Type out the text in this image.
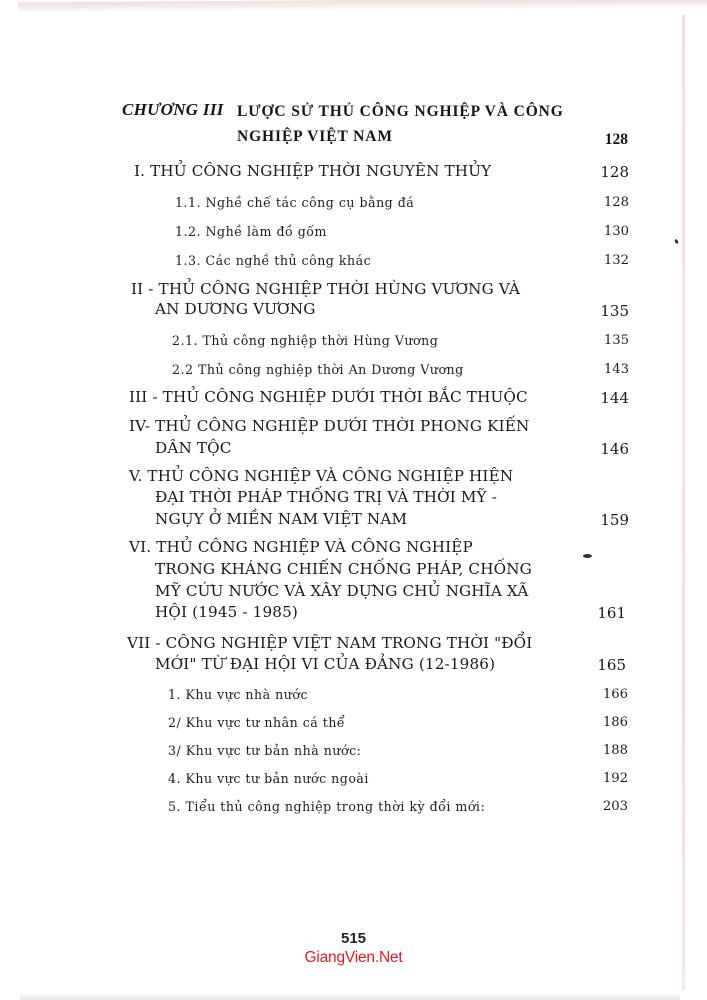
CHƯƠNG III LƯỢC SỬ THỦ CÔNG NGHIỆP VÀ CÔNG
NGHIỆP VIỆT NAM	128
I. THỦ CÔNG NGHIỆP THỜI NGUYÊN THỦY	128
1.1. Nghề chế tác công cụ bằng đá	128
1.2. Nghề làm đồ gốm	130
1.3. Các nghề thủ công khác	132
II - THỦ CÔNG NGHIỆP THỜI HÙNG VƯƠNG VÀ
AN DƯƠNG VƯƠNG	135
2.1. Thủ công nghiệp thời Hùng Vương	135
2.2 Thủ công nghiệp thời An Dương Vương	143
III - THỦ CÔNG NGHIỆP DƯỚI THỜI BẮC THUỘC	144
IV- THỦ CÔNG NGHIỆP DƯỚI THỜI PHONG KIẾN
DÂN TỘC	146
V. THỦ CÔNG NGHIỆP VÀ CÔNG NGHIỆP HIỆN
ĐẠI THỜI PHÁP THỐNG TRỊ VÀ THỜI MỸ -
NGỤY Ở MIỀN NAM VIỆT NAM	159
VI. THỦ CÔNG NGHIỆP VÀ CÔNG NGHIỆP
TRONG KHÁNG CHIẾN CHỐNG PHÁP, CHỐNG
MỸ CỨU NƯỚC VÀ XÂY DỰNG CHỦ NGHĨA XÃ
HỘI (1945 - 1985)	161
VII - CÔNG NGHIỆP VIỆT NAM TRONG THỜI "ĐỔI
MỚI" TỪ ĐẠI HỘI VI CỦA ĐẢNG (12-1986)	165
1. Khu vực nhà nước	166
2/ Khu vực tư nhân cá thể	186
3/ Khu vực tư bản nhà nước:	188
4. Khu vực tư bản nước ngoài	192
5. Tiểu thủ công nghiệp trong thời kỳ đổi mới:	203
515
GiangVien.Net
